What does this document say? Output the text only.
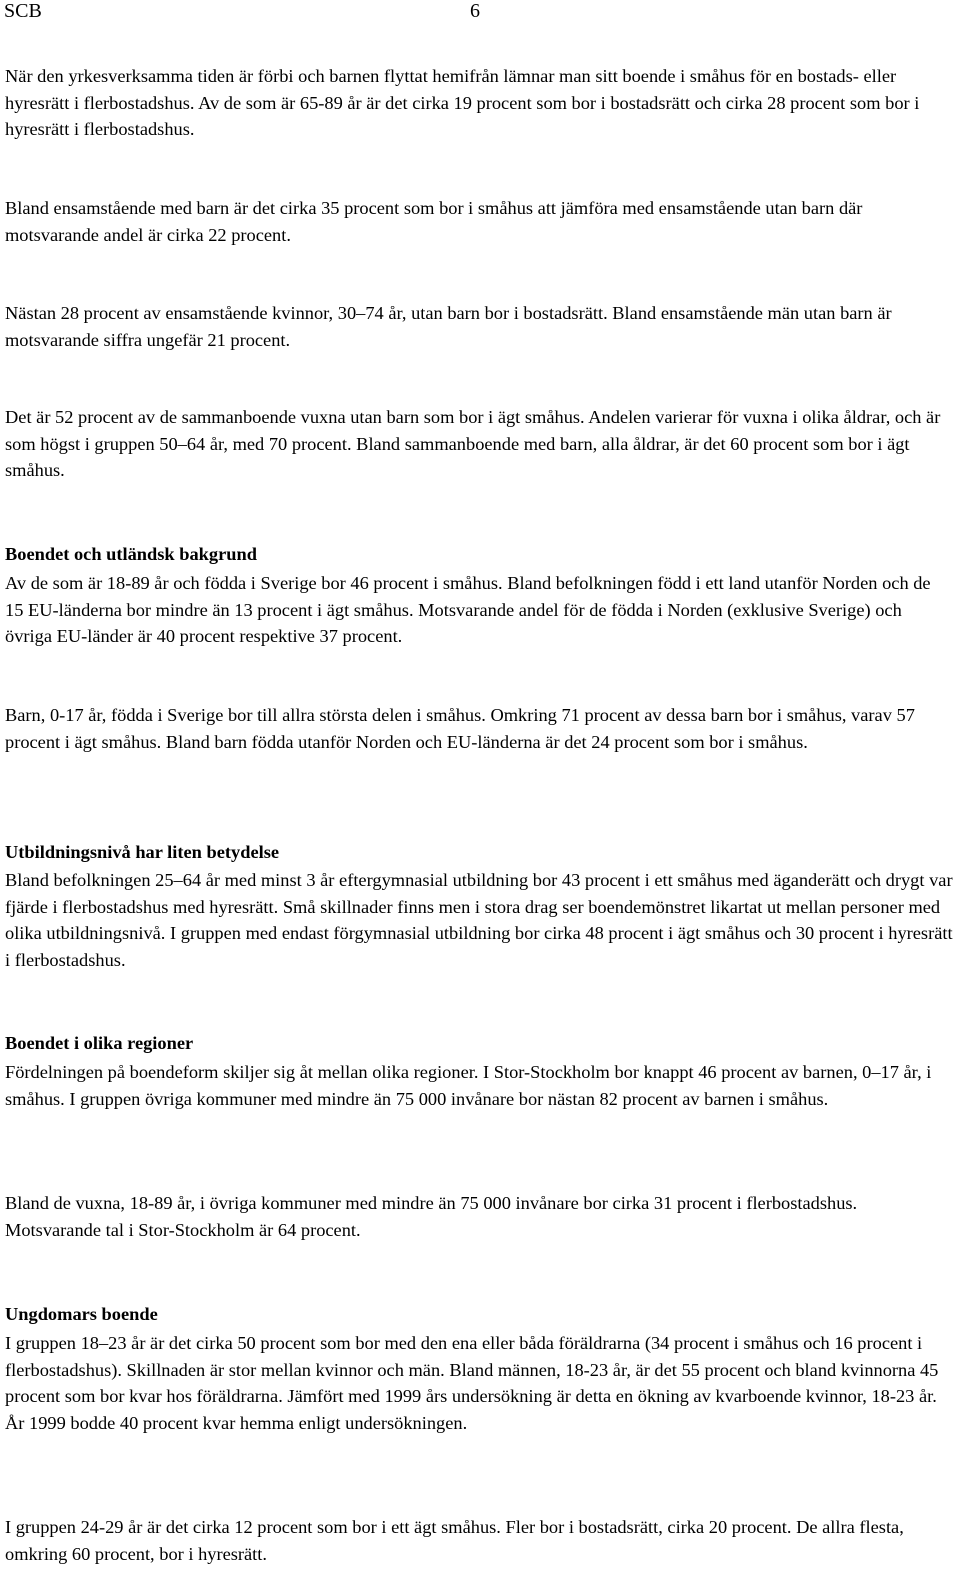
SCB	6

När den yrkesverksamma tiden är förbi och barnen flyttat hemifrån lämnar man sitt boende i småhus för en bostads- eller hyresrätt i flerbostadshus. Av de som är 65-89 år är det cirka 19 procent som bor i bostadsrätt och cirka 28 procent som bor i hyresrätt i flerbostadshus.

Bland ensamstående med barn är det cirka 35 procent som bor i småhus att jämföra med ensamstående utan barn där motsvarande andel är cirka 22 procent.

Nästan 28 procent av ensamstående kvinnor, 30–74 år, utan barn bor i bostadsrätt. Bland ensamstående män utan barn är motsvarande siffra ungefär 21 procent.

Det är 52 procent av de sammanboende vuxna utan barn som bor i ägt småhus. Andelen varierar för vuxna i olika åldrar, och är som högst i gruppen 50–64 år, med 70 procent. Bland sammanboende med barn, alla åldrar, är det 60 procent som bor i ägt småhus.

Boendet och utländsk bakgrund

Av de som är 18-89 år och födda i Sverige bor 46 procent i småhus. Bland befolkningen född i ett land utanför Norden och de 15 EU-länderna bor mindre än 13 procent i ägt småhus. Motsvarande andel för de födda i Norden (exklusive Sverige) och övriga EU-länder är 40 procent respektive 37 procent.

Barn, 0-17 år, födda i Sverige bor till allra största delen i småhus. Omkring 71 procent av dessa barn bor i småhus, varav 57 procent i ägt småhus. Bland barn födda utanför Norden och EU-länderna är det 24 procent som bor i småhus.

Utbildningsnivå har liten betydelse

Bland befolkningen 25–64 år med minst 3 år eftergymnasial utbildning bor 43 procent i ett småhus med äganderätt och drygt var fjärde i flerbostadshus med hyresrätt. Små skillnader finns men i stora drag ser boendemönstret likartat ut mellan personer med olika utbildningsnivå. I gruppen med endast förgymnasial utbildning bor cirka 48 procent i ägt småhus och 30 procent i hyresrätt i flerbostadshus.

Boendet i olika regioner

Fördelningen på boendeform skiljer sig åt mellan olika regioner. I Stor-Stockholm bor knappt 46 procent av barnen, 0–17 år, i småhus. I gruppen övriga kommuner med mindre än 75 000 invånare bor nästan 82 procent av barnen i småhus.

Bland de vuxna, 18-89 år, i övriga kommuner med mindre än 75 000 invånare bor cirka 31 procent i flerbostadshus. Motsvarande tal i Stor-Stockholm är 64 procent.

Ungdomars boende

I gruppen 18–23 år är det cirka 50 procent som bor med den ena eller båda föräldrarna (34 procent i småhus och 16 procent i flerbostadshus). Skillnaden är stor mellan kvinnor och män. Bland männen, 18-23 år, är det 55 procent och bland kvinnorna 45 procent som bor kvar hos föräldrarna. Jämfört med 1999 års undersökning är detta en ökning av kvarboende kvinnor, 18-23 år. År 1999 bodde 40 procent kvar hemma enligt undersökningen.

I gruppen 24-29 år är det cirka 12 procent som bor i ett ägt småhus. Fler bor i bostadsrätt, cirka 20 procent. De allra flesta, omkring 60 procent, bor i hyresrätt.
